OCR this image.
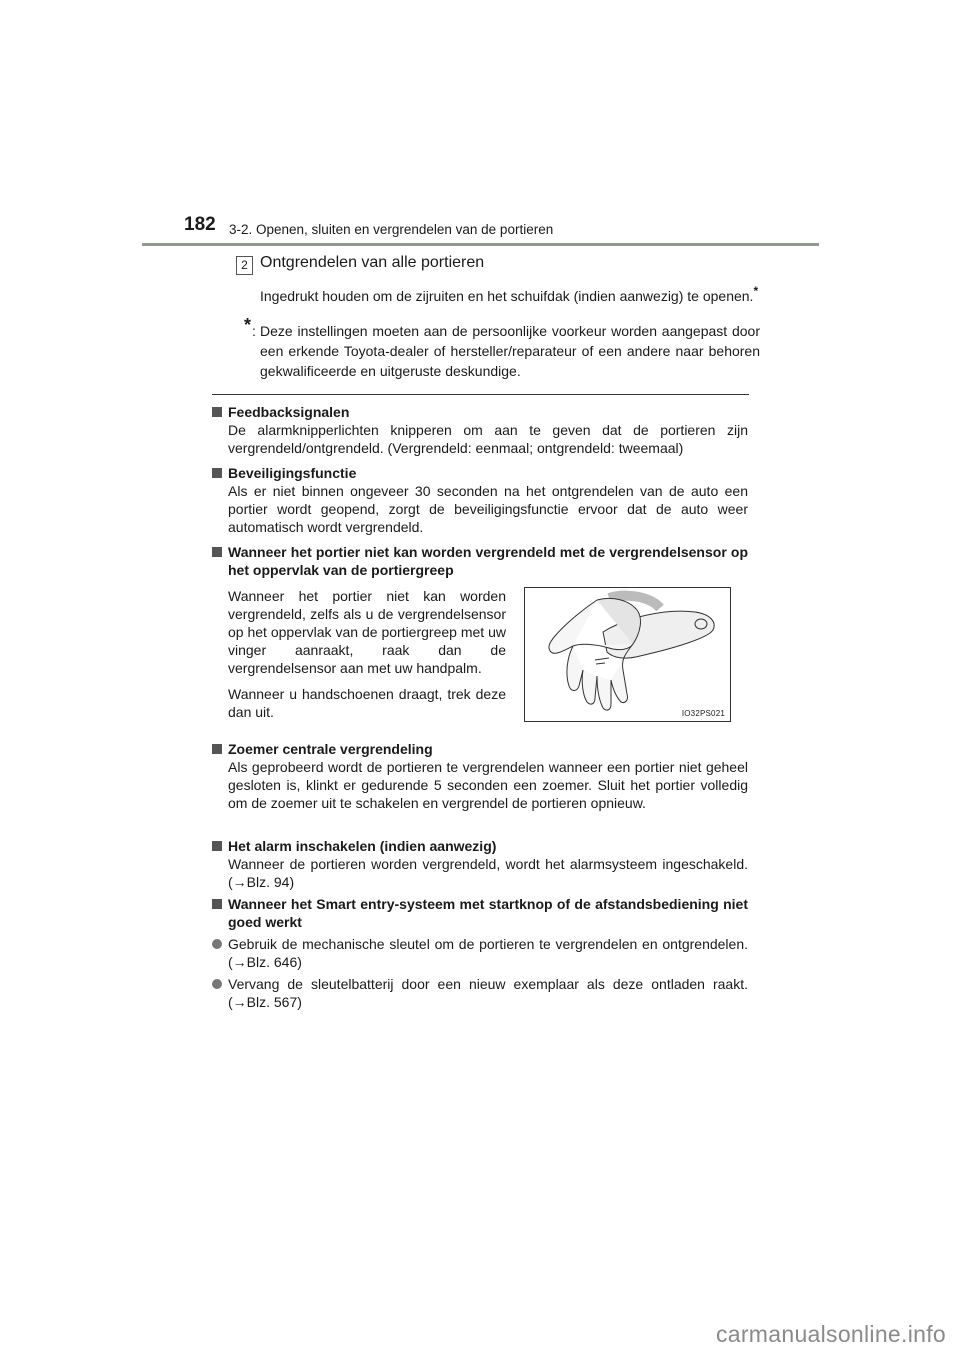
182 3-2. Openen, sluiten en vergrendelen van de portieren
2 Ontgrendelen van alle portieren
Ingedrukt houden om de zijruiten en het schuifdak (indien aanwezig) te openen.*
* : Deze instellingen moeten aan de persoonlijke voorkeur worden aangepast door een erkende Toyota-dealer of hersteller/reparateur of een andere naar behoren gekwalificeerde en uitgeruste deskundige.
Feedbacksignalen
De alarmknipperlichten knipperen om aan te geven dat de portieren zijn vergrendeld/ontgrendeld. (Vergrendeld: eenmaal; ontgrendeld: tweemaal)
Beveiligingsfunctie
Als er niet binnen ongeveer 30 seconden na het ontgrendelen van de auto een portier wordt geopend, zorgt de beveiligingsfunctie ervoor dat de auto weer automatisch wordt vergrendeld.
Wanneer het portier niet kan worden vergrendeld met de vergrendelsensor op het oppervlak van de portiergreep

Wanneer het portier niet kan worden vergrendeld, zelfs als u de vergrendelsensor op het oppervlak van de portiergreep met uw vinger aanraakt, raak dan de vergrendelsensor aan met uw handpalm.

Wanneer u handschoenen draagt, trek deze dan uit.	IO32PS021
Zoemer centrale vergrendeling
Als geprobeerd wordt de portieren te vergrendelen wanneer een portier niet geheel gesloten is, klinkt er gedurende 5 seconden een zoemer. Sluit het portier volledig om de zoemer uit te schakelen en vergrendel de portieren opnieuw.
Het alarm inschakelen (indien aanwezig)
Wanneer de portieren worden vergrendeld, wordt het alarmsysteem ingeschakeld. (→Blz. 94)
Wanneer het Smart entry-systeem met startknop of de afstandsbediening niet goed werkt
Gebruik de mechanische sleutel om de portieren te vergrendelen en ontgrendelen. (→Blz. 646)
Vervang de sleutelbatterij door een nieuw exemplaar als deze ontladen raakt. (→Blz. 567)
carmanualsonline.info
